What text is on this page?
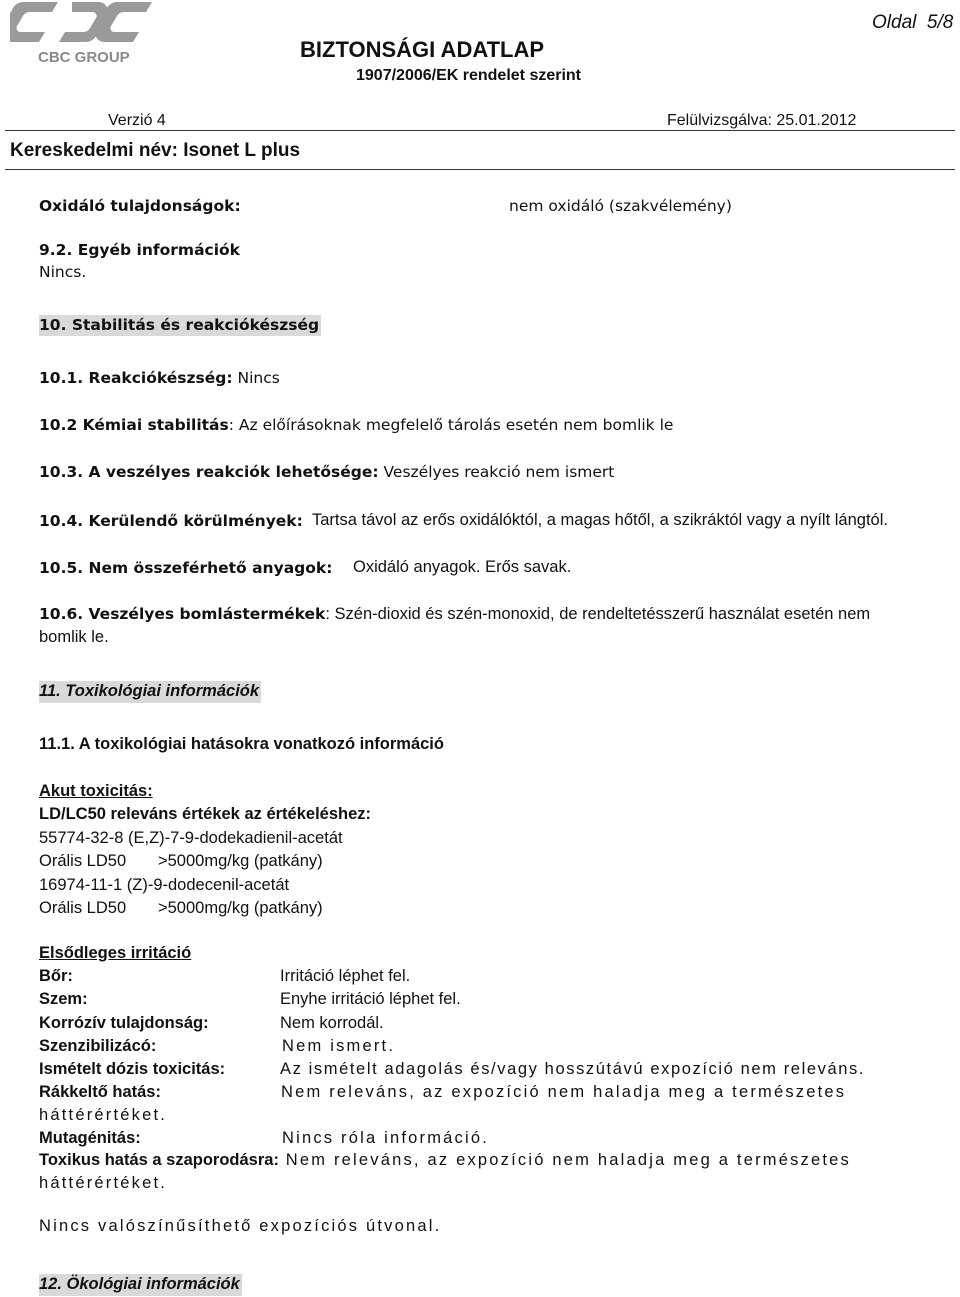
CBC GROUP
Oldal 5/8
BIZTONSÁGI ADATLAP
1907/2006/EK rendelet szerint
Verzió 4	Felülvizsgálva: 25.01.2012
Kereskedelmi név: Isonet L plus
Oxidáló tulajdonságok:	nem oxidáló (szakvélemény)
9.2. Egyéb információk
Nincs.
10. Stabilitás és reakciókészség
10.1. Reakciókészség: Nincs
10.2 Kémiai stabilitás: Az előírásoknak megfelelő tárolás esetén nem bomlik le
10.3. A veszélyes reakciók lehetősége: Veszélyes reakció nem ismert
10.4. Kerülendő körülmények: Tartsa távol az erős oxidálóktól, a magas hőtől, a szikráktól vagy a nyílt lángtól.
10.5. Nem összeférhető anyagok: Oxidáló anyagok. Erős savak.
10.6. Veszélyes bomlástermékek: Szén-dioxid és szén-monoxid, de rendeltetésszerű használat esetén nem
bomlik le.
11. Toxikológiai információk
11.1. A toxikológiai hatásokra vonatkozó információ
Akut toxicitás:
LD/LC50 releváns értékek az értékeléshez:
55774-32-8 (E,Z)-7-9-dodekadienil-acetát
Orális LD50 >5000mg/kg (patkány)
16974-11-1 (Z)-9-dodecenil-acetát
Orális LD50 >5000mg/kg (patkány)
Elsődleges irritáció
Bőr:	Irritáció léphet fel.
Szem:	Enyhe irritáció léphet fel.
Korrózív tulajdonság:	Nem korrodál.
Szenzibilizácó:	Nem ismert.
Ismételt dózis toxicitás:	Az ismételt adagolás és/vagy hosszútávú expozíció nem releváns.
Rákkeltő hatás:	Nem releváns, az expozíció nem haladja meg a természetes
háttérértéket.
Mutagénitás:	Nincs róla információ.
Toxikus hatás a szaporodásra: Nem releváns, az expozíció nem haladja meg a természetes
háttérértéket.
Nincs valószínűsíthető expozíciós útvonal.
12. Ökológiai információk
